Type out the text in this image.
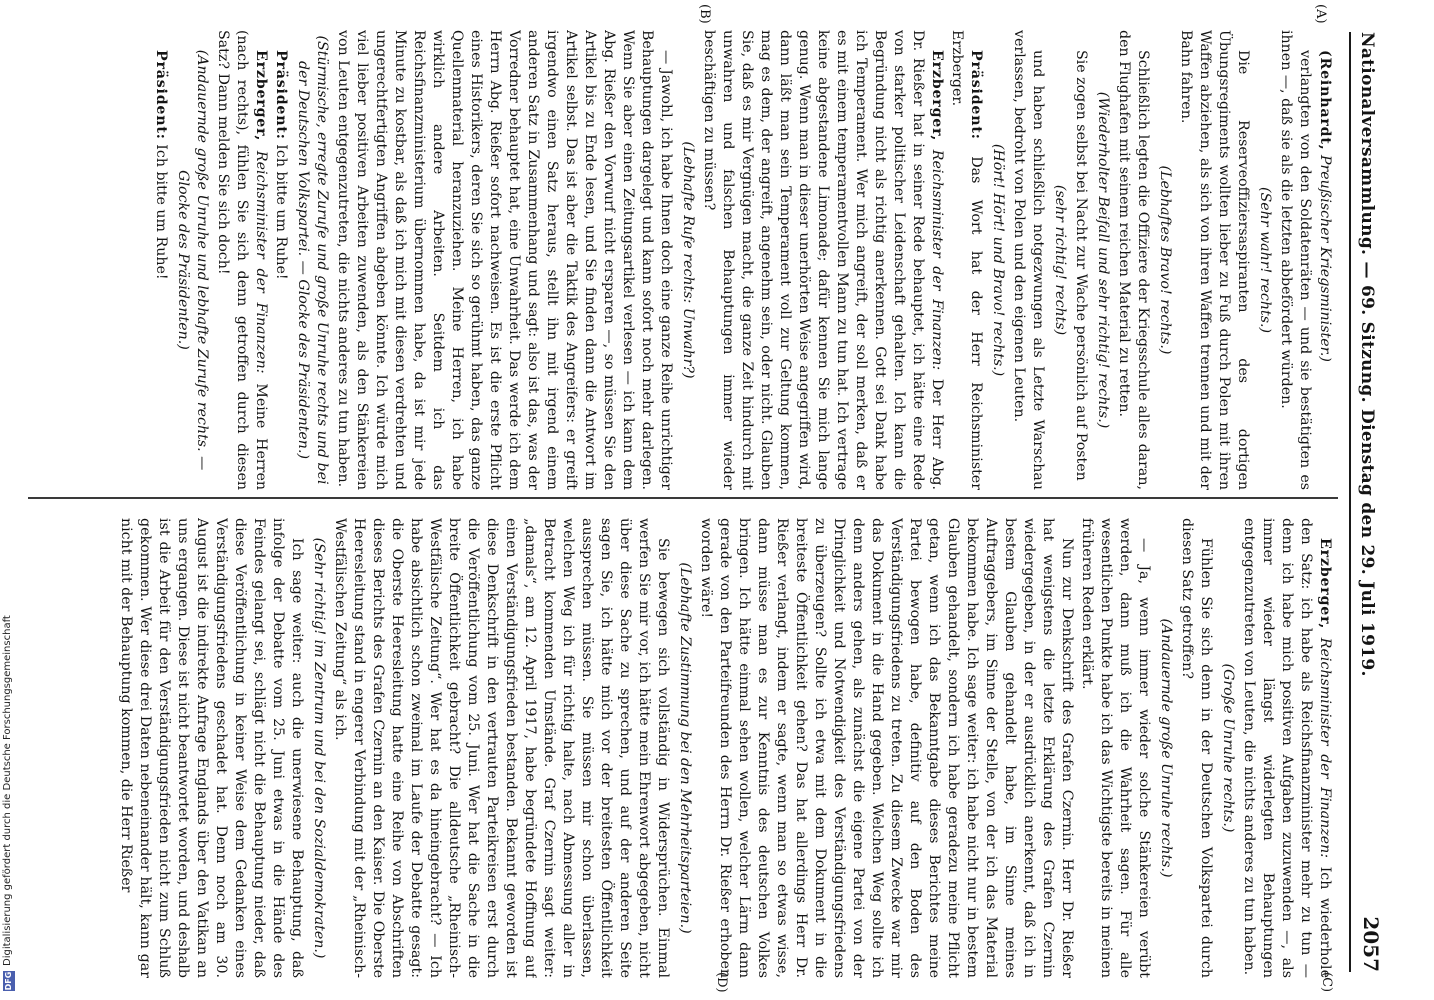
Nationalversammlung. — 69. Sitzung. Dienstag den 29. Juli 1919.
2057
(A)
(B)
(C)
(D)

(Reinhardt, Preußischer Kriegsminister.)

verlangten von den Soldatenräten — und sie bestätigten es ihnen —, daß sie als die letzten abbefördert würden.

(Sehr wahr! rechts.)

Die Reserveoffiziersaspiranten des dortigen Übungsregiments wollten lieber zu Fuß durch Polen mit ihren Waffen abziehen, als sich von ihren Waffen trennen und mit der Bahn fahren.

(Lebhaftes Bravo! rechts.)

Schließlich legten die Offiziere der Kriegsschule alles daran, den Flughafen mit seinem reichen Material zu retten.

(Wiederholter Beifall und sehr richtig! rechts.)

Sie zogen selbst bei Nacht zur Wache persönlich auf Posten

(sehr richtig! rechts)

und haben schließlich notgezwungen als Letzte Warschau verlassen, bedroht von Polen und den eigenen Leuten.

(Hört! Hört! und Bravo! rechts.)

Präsident: Das Wort hat der Herr Reichsminister Erzberger.

Erzberger, Reichsminister der Finanzen: Der Herr Abg. Dr. Rießer hat in seiner Rede behauptet, ich hätte eine Rede von starker politischer Leidenschaft gehalten. Ich kann die Begründung nicht als richtig anerkennen. Gott sei Dank habe ich Temperament. Wer mich angreift, der soll merken, daß er es mit einem temperamentvollen Mann zu tun hat. Ich vertrage keine abgestandene Limonade; dafür kennen Sie mich lange genug. Wenn man in dieser unerhörten Weise angegriffen wird, dann läßt man sein Temperament voll zur Geltung kommen, mag es dem, der angreift, angenehm sein, oder nicht. Glauben Sie, daß es mir Vergnügen macht, die ganze Zeit hindurch mit unwahren und falschen Behauptungen immer wieder beschäftigen zu müssen?

(Lebhafte Rufe rechts: Unwahr?)

— Jawohl, ich habe Ihnen doch eine ganze Reihe unrichtiger Behauptungen dargelegt und kann sofort noch mehr darlegen. Wenn Sie aber einen Zeitungsartikel verlesen — ich kann dem Abg. Rießer den Vorwurf nicht ersparen —, so müssen Sie den Artikel bis zu Ende lesen, und Sie finden dann die Antwort im Artikel selbst. Das ist aber die Taktik des Angreifers: er greift irgendwo einen Satz heraus, stellt ihn mit irgend einem anderen Satz in Zusammenhang und sagt: also ist das, was der Vorredner behauptet hat, eine Unwahrheit. Das werde ich dem Herrn Abg. Rießer sofort nachweisen. Es ist die erste Pflicht eines Historikers, deren Sie sich so gerühmt haben, das ganze Quellenmaterial heranzuziehen. Meine Herren, ich habe wirklich andere Arbeiten. Seitdem ich das Reichsfinanzministerium übernommen habe, da ist mir jede Minute zu kostbar, als daß ich mich mit diesen verdrehten und ungerechtfertigten Angriffen abgeben könnte. Ich würde mich viel lieber positiven Arbeiten zuwenden, als den Stänkereien von Leuten entgegenzutreten, die nichts anderes zu tun haben.

(Stürmische, erregte Zurufe und große Unruhe rechts und bei der Deutschen Volkspartei. — Glocke des Präsidenten.)

Präsident: Ich bitte um Ruhe!

Erzberger, Reichsminister der Finanzen: Meine Herren (nach rechts), fühlen Sie sich denn getroffen durch diesen Satz? Dann melden Sie sich doch!

(Andauernde große Unruhe und lebhafte Zurufe rechts. — Glocke des Präsidenten.)

Präsident: Ich bitte um Ruhe!

Erzberger, Reichsminister der Finanzen: Ich wiederhole den Satz: ich habe als Reichsfinanzminister mehr zu tun — denn ich habe mich positiven Aufgaben zuzuwenden —, als immer wieder längst widerlegten Behauptungen entgegenzutreten von Leuten, die nichts anderes zu tun haben.

(Große Unruhe rechts.)

Fühlen Sie sich denn in der Deutschen Volkspartei durch diesen Satz getroffen?

(Andauernde große Unruhe rechts.)

— Ja, wenn immer wieder solche Stänkereien verübt werden, dann muß ich die Wahrheit sagen. Für alle wesentlichen Punkte habe ich das Wichtigste bereits in meinen früheren Reden erklärt.

Nun zur Denkschrift des Grafen Czernin. Herr Dr. Rießer hat wenigstens die letzte Erklärung des Grafen Czernin wiedergegeben, in der er ausdrücklich anerkennt, daß ich in bestem Glauben gehandelt habe, im Sinne meines Auftraggebers, im Sinne der Stelle, von der ich das Material bekommen habe. Ich sage weiter: ich habe nicht nur in bestem Glauben gehandelt, sondern ich habe geradezu meine Pflicht getan, wenn ich das Bekanntgabe dieses Berichtes meine Partei bewogen habe, definitiv auf den Boden des Verständigungsfriedens zu treten. Zu diesem Zwecke war mir das Dokument in die Hand gegeben. Welchen Weg sollte ich denn anders gehen, als zunächst die eigene Partei von der Dringlichkeit und Notwendigkeit des Verständigungsfriedens zu überzeugen? Sollte ich etwa mit dem Dokument in die breiteste Öffentlichkeit gehen? Das hat allerdings Herr Dr. Rießer verlangt, indem er sagte, wenn man so etwas wisse, dann müsse man es zur Kenntnis des deutschen Volkes bringen. Ich hätte einmal sehen wollen, welcher Lärm dann gerade von den Parteifreunden des Herrn Dr. Rießer erhoben worden wäre!

(Lebhafte Zustimmung bei den Mehrheitsparteien.)

Sie bewegen sich vollständig in Widersprüchen. Einmal werfen Sie mir vor, ich hätte mein Ehrenwort abgegeben, nicht über diese Sache zu sprechen, und auf der anderen Seite sagen Sie, ich hätte mich vor der breitesten Öffentlichkeit aussprechen müssen. Sie müssen mir schon überlassen, welchen Weg ich für richtig halte, nach Abmessung aller in Betracht kommenden Umstände. Graf Czernin sagt weiter: „damals“, am 12. April 1917, habe begründete Hoffnung auf einen Verständigungsfrieden bestanden. Bekannt geworden ist diese Denkschrift in den vertrauten Parteikreisen erst durch die Veröffentlichung vom 25. Juni. Wer hat die Sache in die breite Öffentlichkeit gebracht? Die alldeutsche „Rheinisch-Westfälische Zeitung“. Wer hat es da hineingebracht? — Ich habe absichtlich schon zweimal im Laufe der Debatte gesagt: die Oberste Heeresleitung hatte eine Reihe von Abschriften dieses Berichts des Grafen Czernin an den Kaiser. Die Oberste Heeresleitung stand in engerer Verbindung mit der „Rheinisch-Westfälischen Zeitung“ als ich.

(Sehr richtig! im Zentrum und bei den Sozialdemokraten.)

Ich sage weiter: auch die unerwiesene Behauptung, daß infolge der Debatte vom 25. Juni etwas in die Hände des Feindes gelangt sei, schlägt nicht die Behauptung nieder, daß diese Veröffentlichung in keiner Weise dem Gedanken eines Verständigungsfriedens geschadet hat. Denn noch am 30. August ist die indirekte Anfrage Englands über den Vatikan an uns ergangen. Diese ist nicht beantwortet worden, und deshalb ist die Arbeit für den Verständigungsfrieden nicht zum Schluß gekommen. Wer diese drei Daten nebeneinander hält, kann gar nicht mit der Behauptung kommen, die Herr Rießer

Digitalisierung gefördert durch die Deutsche Forschungsgemeinschaft
DFG
